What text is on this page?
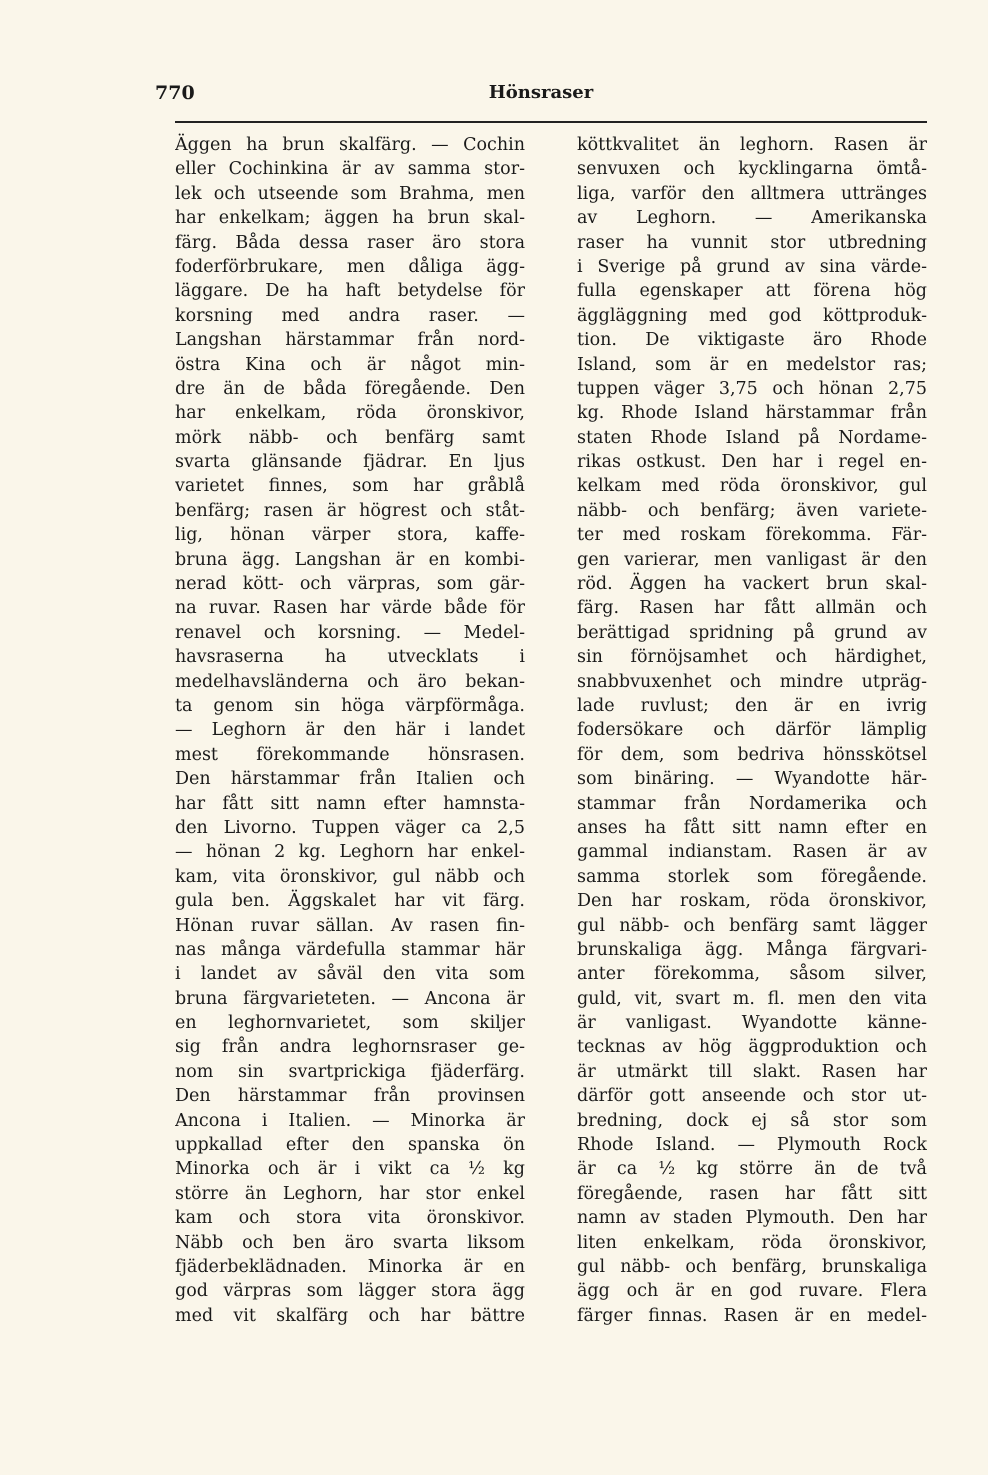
770	Hönsraser
Äggen ha brun skalfärg. — Cochin
eller Cochinkina är av samma stor-
lek och utseende som Brahma, men
har enkelkam; äggen ha brun skal-
färg. Båda dessa raser äro stora
foderförbrukare, men dåliga ägg-
läggare. De ha haft betydelse för
korsning med andra raser. —
Langshan härstammar från nord-
östra Kina och är något min-
dre än de båda föregående. Den
har enkelkam, röda öronskivor,
mörk näbb- och benfärg samt
svarta glänsande fjädrar. En ljus
varietet finnes, som har gråblå
benfärg; rasen är högrest och ståt-
lig, hönan värper stora, kaffe-
bruna ägg. Langshan är en kombi-
nerad kött- och värpras, som gär-
na ruvar. Rasen har värde både för
renavel och korsning. — Medel-
havsraserna ha utvecklats i
medelhavsländerna och äro bekan-
ta genom sin höga värpförmåga.
— Leghorn är den här i landet
mest förekommande hönsrasen.
Den härstammar från Italien och
har fått sitt namn efter hamnsta-
den Livorno. Tuppen väger ca 2,5
— hönan 2 kg. Leghorn har enkel-
kam, vita öronskivor, gul näbb och
gula ben. Äggskalet har vit färg.
Hönan ruvar sällan. Av rasen fin-
nas många värdefulla stammar här
i landet av såväl den vita som
bruna färgvarieteten. — Ancona är
en leghornvarietet, som skiljer
sig från andra leghornsraser ge-
nom sin svartprickiga fjäderfärg.
Den härstammar från provinsen
Ancona i Italien. — Minorka är
uppkallad efter den spanska ön
Minorka och är i vikt ca ½ kg
större än Leghorn, har stor enkel
kam och stora vita öronskivor.
Näbb och ben äro svarta liksom
fjäderbeklädnaden. Minorka är en
god värpras som lägger stora ägg
med vit skalfärg och har bättre
köttkvalitet än leghorn. Rasen är
senvuxen och kycklingarna ömtå-
liga, varför den alltmera uttränges
av Leghorn. — Amerikanska
raser ha vunnit stor utbredning
i Sverige på grund av sina värde-
fulla egenskaper att förena hög
äggläggning med god köttproduk-
tion. De viktigaste äro Rhode
Island, som är en medelstor ras;
tuppen väger 3,75 och hönan 2,75
kg. Rhode Island härstammar från
staten Rhode Island på Nordame-
rikas ostkust. Den har i regel en-
kelkam med röda öronskivor, gul
näbb- och benfärg; även variete-
ter med roskam förekomma. Fär-
gen varierar, men vanligast är den
röd. Äggen ha vackert brun skal-
färg. Rasen har fått allmän och
berättigad spridning på grund av
sin förnöjsamhet och härdighet,
snabbvuxenhet och mindre utpräg-
lade ruvlust; den är en ivrig
fodersökare och därför lämplig
för dem, som bedriva hönsskötsel
som binäring. — Wyandotte här-
stammar från Nordamerika och
anses ha fått sitt namn efter en
gammal indianstam. Rasen är av
samma storlek som föregående.
Den har roskam, röda öronskivor,
gul näbb- och benfärg samt lägger
brunskaliga ägg. Många färgvari-
anter förekomma, såsom silver,
guld, vit, svart m. fl. men den vita
är vanligast. Wyandotte känne-
tecknas av hög äggproduktion och
är utmärkt till slakt. Rasen har
därför gott anseende och stor ut-
bredning, dock ej så stor som
Rhode Island. — Plymouth Rock
är ca ½ kg större än de två
föregående, rasen har fått sitt
namn av staden Plymouth. Den har
liten enkelkam, röda öronskivor,
gul näbb- och benfärg, brunskaliga
ägg och är en god ruvare. Flera
färger finnas. Rasen är en medel-
